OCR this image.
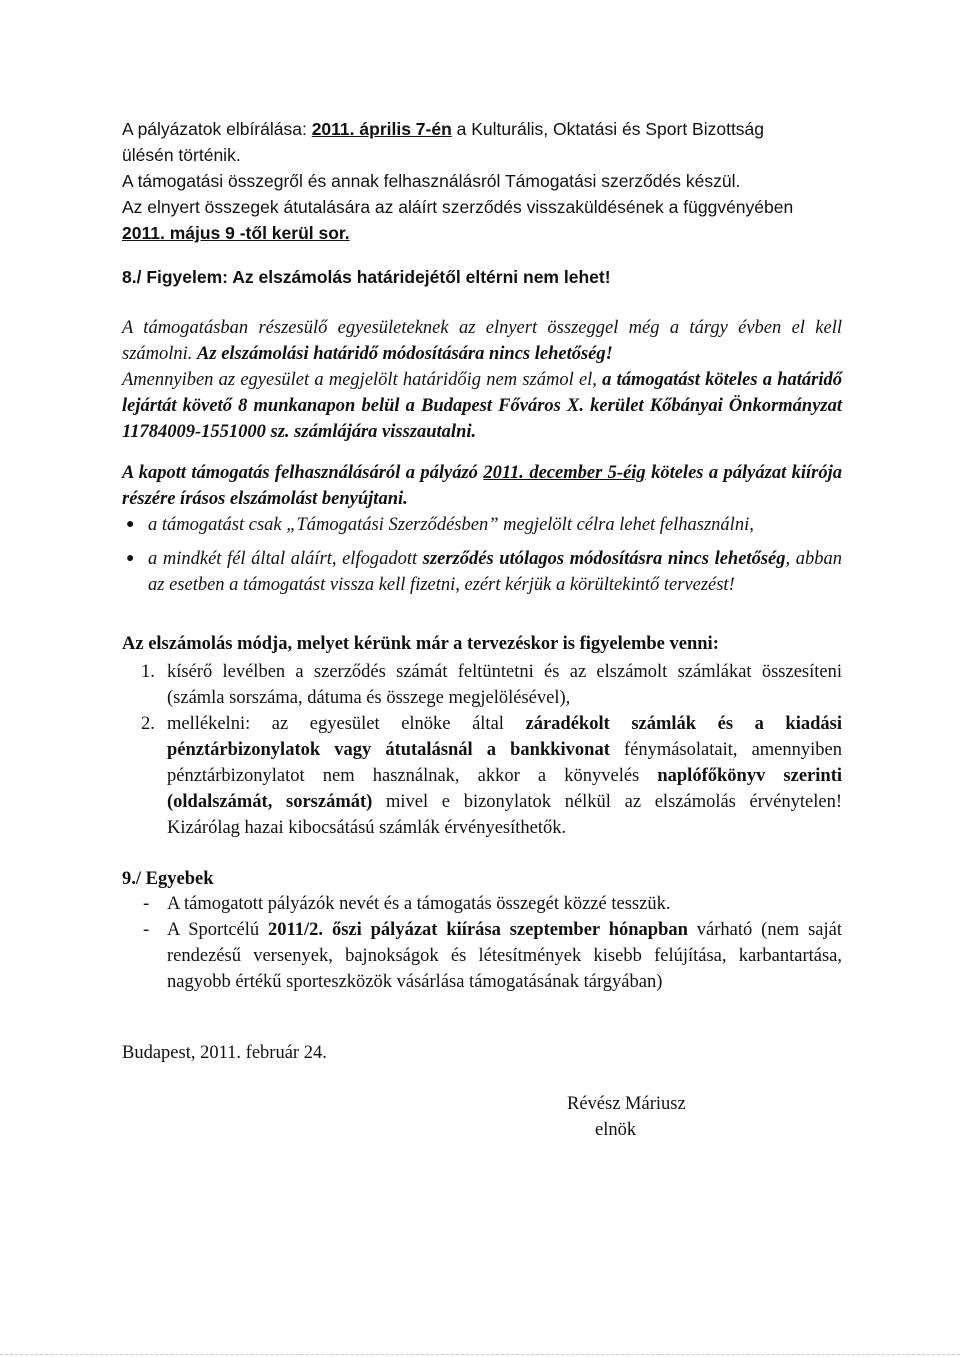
A pályázatok elbírálása: 2011. április 7-én a Kulturális, Oktatási és Sport Bizottság
ülésén történik.
A támogatási összegről és annak felhasználásról Támogatási szerződés készül.
Az elnyert összegek átutalására az aláírt szerződés visszaküldésének a függvényében
2011. május 9 -től kerül sor.
8./ Figyelem: Az elszámolás határidejétől eltérni nem lehet!
A támogatásban részesülő egyesületeknek az elnyert összeggel még a tárgy évben el kell számolni. Az elszámolási határidő módosítására nincs lehetőség!
Amennyiben az egyesület a megjelölt határidőig nem számol el, a támogatást köteles a határidő lejártát követő 8 munkanapon belül a Budapest Főváros X. kerület Kőbányai Önkormányzat 11784009-1551000 sz. számlájára visszautalni.
A kapott támogatás felhasználásáról a pályázó 2011. december 5-éig köteles a pályázat kiírója részére írásos elszámolást benyújtani.
● a támogatást csak „Támogatási Szerződésben” megjelölt célra lehet felhasználni,
● a mindkét fél által aláírt, elfogadott szerződés utólagos módosításra nincs lehetőség, abban az esetben a támogatást vissza kell fizetni, ezért kérjük a körültekintő tervezést!
Az elszámolás módja, melyet kérünk már a tervezéskor is figyelembe venni:
1. kísérő levélben a szerződés számát feltüntetni és az elszámolt számlákat összesíteni (számla sorszáma, dátuma és összege megjelölésével),
2. mellékelni: az egyesület elnöke által záradékolt számlák és a kiadási pénztárbizonylatok vagy átutalásnál a bankkivonat fénymásolatait, amennyiben pénztárbizonylatot nem használnak, akkor a könyvelés naplófőkönyv szerinti (oldalszámát, sorszámát) mivel e bizonylatok nélkül az elszámolás érvénytelen! Kizárólag hazai kibocsátású számlák érvényesíthetők.
9./ Egyebek
- A támogatott pályázók nevét és a támogatás összegét közzé tesszük.
- A Sportcélú 2011/2. őszi pályázat kiírása szeptember hónapban várható (nem saját rendezésű versenyek, bajnokságok és létesítmények kisebb felújítása, karbantartása, nagyobb értékű sporteszközök vásárlása támogatásának tárgyában)
Budapest, 2011. február 24.
Révész Máriusz
elnök
